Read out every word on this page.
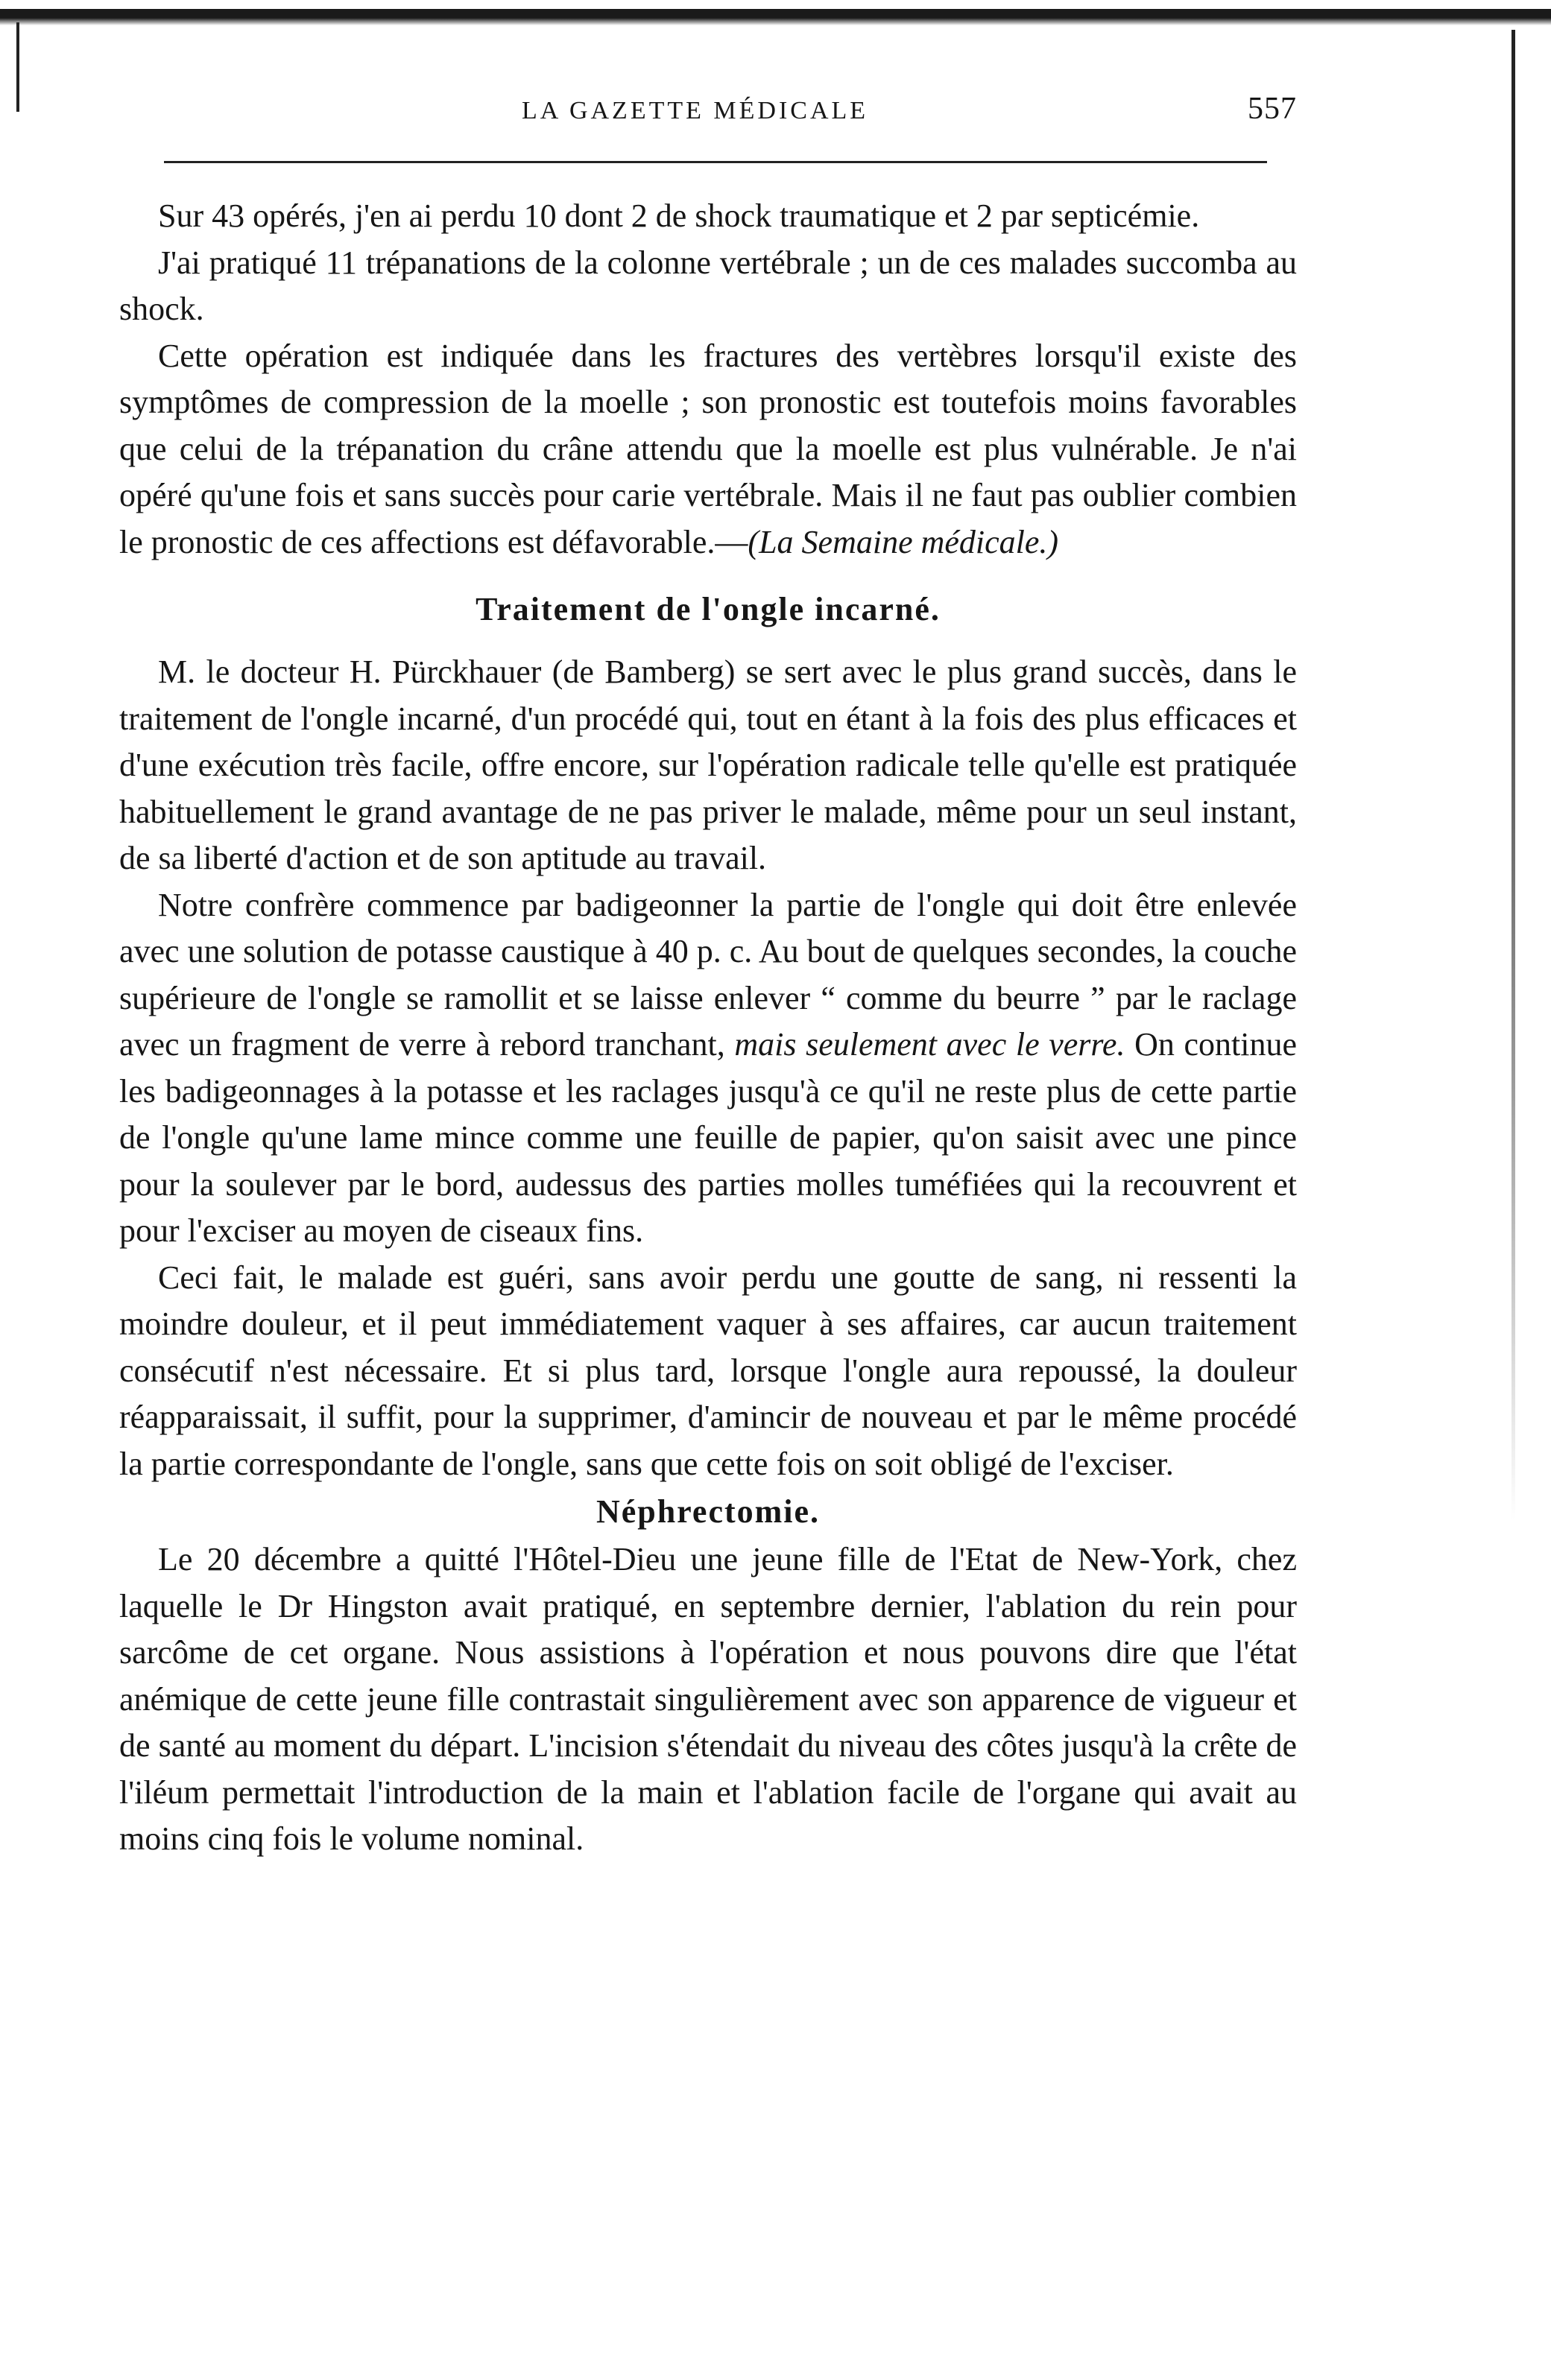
LA GAZETTE MÉDICALE	557

Sur 43 opérés, j'en ai perdu 10 dont 2 de shock traumatique et 2 par septicémie.

J'ai pratiqué 11 trépanations de la colonne vertébrale ; un de ces malades succomba au shock.

Cette opération est indiquée dans les fractures des vertèbres lorsqu'il existe des symptômes de compression de la moelle ; son pronostic est toutefois moins favorables que celui de la trépanation du crâne attendu que la moelle est plus vulnérable. Je n'ai opéré qu'une fois et sans succès pour carie vertébrale. Mais il ne faut pas oublier combien le pronostic de ces affections est défavorable.—(La Semaine médicale.)

Traitement de l'ongle incarné.

M. le docteur H. Pürckhauer (de Bamberg) se sert avec le plus grand succès, dans le traitement de l'ongle incarné, d'un procédé qui, tout en étant à la fois des plus efficaces et d'une exécution très facile, offre encore, sur l'opération radicale telle qu'elle est pratiquée habituellement le grand avantage de ne pas priver le malade, même pour un seul instant, de sa liberté d'action et de son aptitude au travail.

Notre confrère commence par badigeonner la partie de l'ongle qui doit être enlevée avec une solution de potasse caustique à 40 p. c. Au bout de quelques secondes, la couche supérieure de l'ongle se ramollit et se laisse enlever “ comme du beurre ” par le raclage avec un fragment de verre à rebord tranchant, mais seulement avec le verre. On continue les badigeonnages à la potasse et les raclages jusqu'à ce qu'il ne reste plus de cette partie de l'ongle qu'une lame mince comme une feuille de papier, qu'on saisit avec une pince pour la soulever par le bord, audessus des parties molles tuméfiées qui la recouvrent et pour l'exciser au moyen de ciseaux fins.

Ceci fait, le malade est guéri, sans avoir perdu une goutte de sang, ni ressenti la moindre douleur, et il peut immédiatement vaquer à ses affaires, car aucun traitement consécutif n'est nécessaire. Et si plus tard, lorsque l'ongle aura repoussé, la douleur réapparaissait, il suffit, pour la supprimer, d'amincir de nouveau et par le même procédé la partie correspondante de l'ongle, sans que cette fois on soit obligé de l'exciser.

Néphrectomie.

Le 20 décembre a quitté l'Hôtel-Dieu une jeune fille de l'Etat de New-York, chez laquelle le Dr Hingston avait pratiqué, en septembre dernier, l'ablation du rein pour sarcôme de cet organe. Nous assistions à l'opération et nous pouvons dire que l'état anémique de cette jeune fille contrastait singulièrement avec son apparence de vigueur et de santé au moment du départ. L'incision s'étendait du niveau des côtes jusqu'à la crête de l'iléum permettait l'introduction de la main et l'ablation facile de l'organe qui avait au moins cinq fois le volume nominal.
